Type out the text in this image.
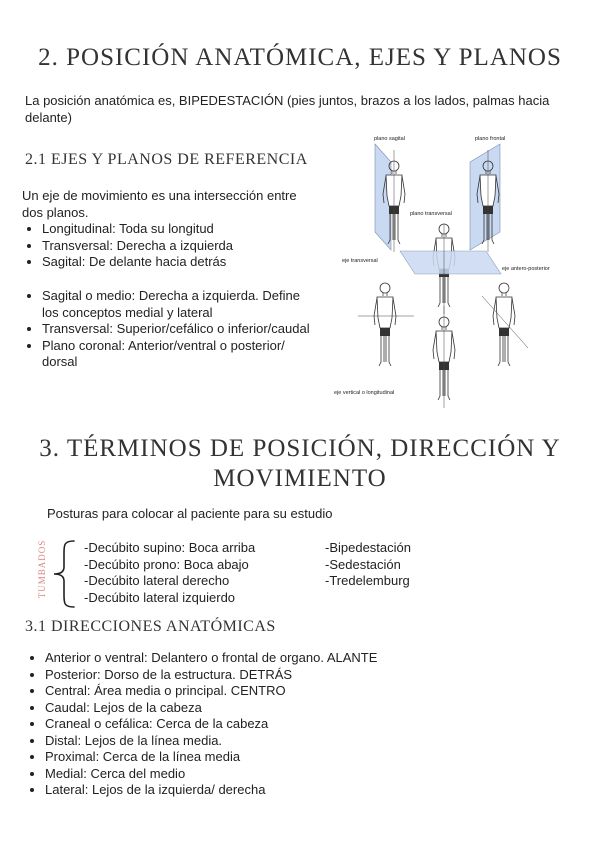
2. POSICIÓN ANATÓMICA, EJES Y PLANOS

La posición anatómica es, BIPEDESTACIÓN (pies juntos, brazos a los lados, palmas hacia delante)

2.1 EJES Y PLANOS DE REFERENCIA

Un eje de movimiento es una intersección entre dos planos.

• Longitudinal: Toda su longitud
• Transversal: Derecha a izquierda
• Sagital: De delante hacia detrás
• Sagital o medio: Derecha a izquierda. Define los conceptos medial y lateral
• Transversal: Superior/cefálico o inferior/caudal
• Plano coronal: Anterior/ventral o posterior/ dorsal
plano sagital	plano frontal
plano transversal
eje transversal
eje antero-posterior
eje vertical o longitudinal
3. TÉRMINOS DE POSICIÓN, DIRECCIÓN Y
MOVIMIENTO

Posturas para colocar al paciente para su estudio

TUMBADOS	-Decúbito supino: Boca arriba
-Decúbito prono: Boca abajo
-Decúbito lateral derecho
-Decúbito lateral izquierdo
-Bipedestación
-Sedestación
-Tredelemburg
3.1 DIRECCIONES ANATÓMICAS
• Anterior o ventral: Delantero o frontal de organo. ALANTE
• Posterior: Dorso de la estructura. DETRÁS
• Central: Área media o principal. CENTRO
• Caudal: Lejos de la cabeza
• Craneal o cefálica: Cerca de la cabeza
• Distal: Lejos de la línea media.
• Proximal: Cerca de la línea media
• Medial: Cerca del medio
• Lateral: Lejos de la izquierda/ derecha
